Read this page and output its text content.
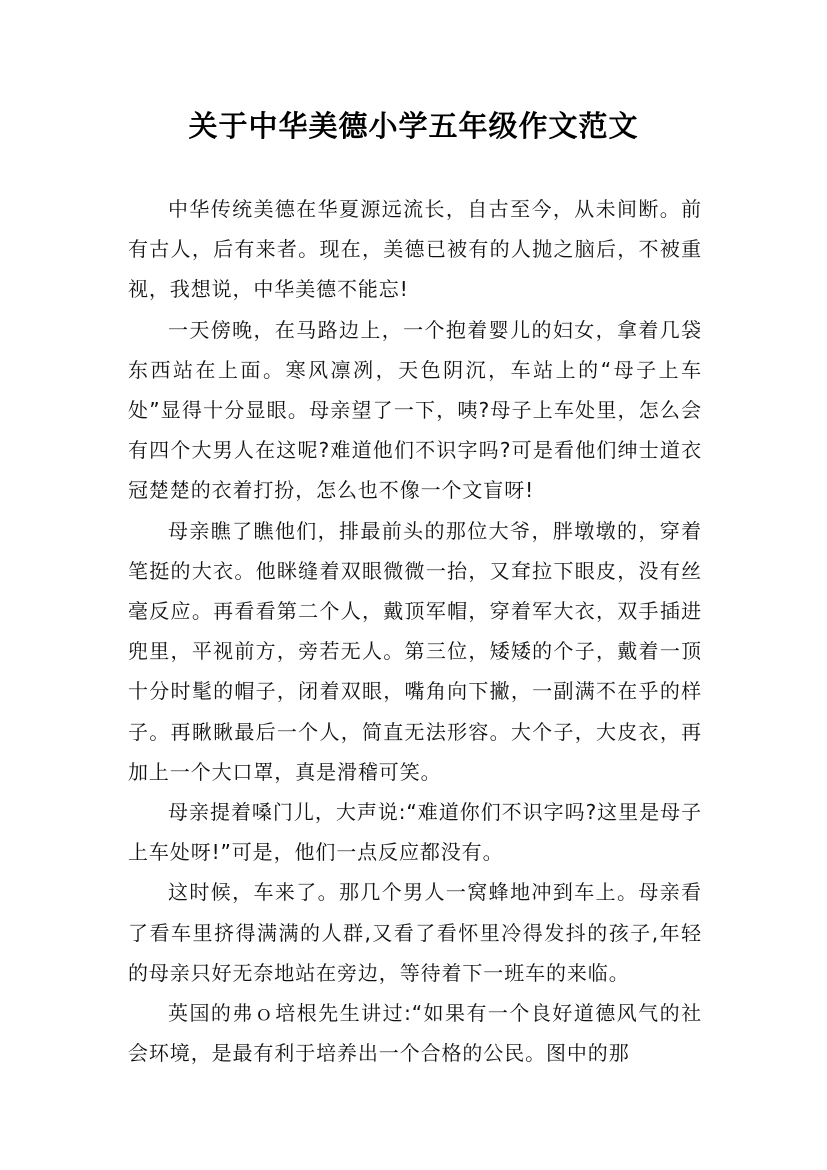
关于中华美德小学五年级作文范文

中华传统美德在华夏源远流长，自古至今，从未间断。前有古人，后有来者。现在，美德已被有的人抛之脑后，不被重视，我想说，中华美德不能忘!

一天傍晚，在马路边上，一个抱着婴儿的妇女，拿着几袋东西站在上面。寒风凛冽，天色阴沉，车站上的“母子上车处”显得十分显眼。母亲望了一下，咦?母子上车处里，怎么会有四个大男人在这呢?难道他们不识字吗?可是看他们绅士道衣冠楚楚的衣着打扮，怎么也不像一个文盲呀!

母亲瞧了瞧他们，排最前头的那位大爷，胖墩墩的，穿着笔挺的大衣。他眯缝着双眼微微一抬，又耷拉下眼皮，没有丝毫反应。再看看第二个人，戴顶军帽，穿着军大衣，双手插进兜里，平视前方，旁若无人。第三位，矮矮的个子，戴着一顶十分时髦的帽子，闭着双眼，嘴角向下撇，一副满不在乎的样子。再瞅瞅最后一个人，简直无法形容。大个子，大皮衣，再加上一个大口罩，真是滑稽可笑。

母亲提着嗓门儿，大声说:“难道你们不识字吗?这里是母子上车处呀!”可是，他们一点反应都没有。

这时候，车来了。那几个男人一窝蜂地冲到车上。母亲看了看车里挤得满满的人群,又看了看怀里冷得发抖的孩子,年轻的母亲只好无奈地站在旁边，等待着下一班车的来临。

英国的弗ｏ培根先生讲过:“如果有一个良好道德风气的社会环境，是最有利于培养出一个合格的公民。图中的那
